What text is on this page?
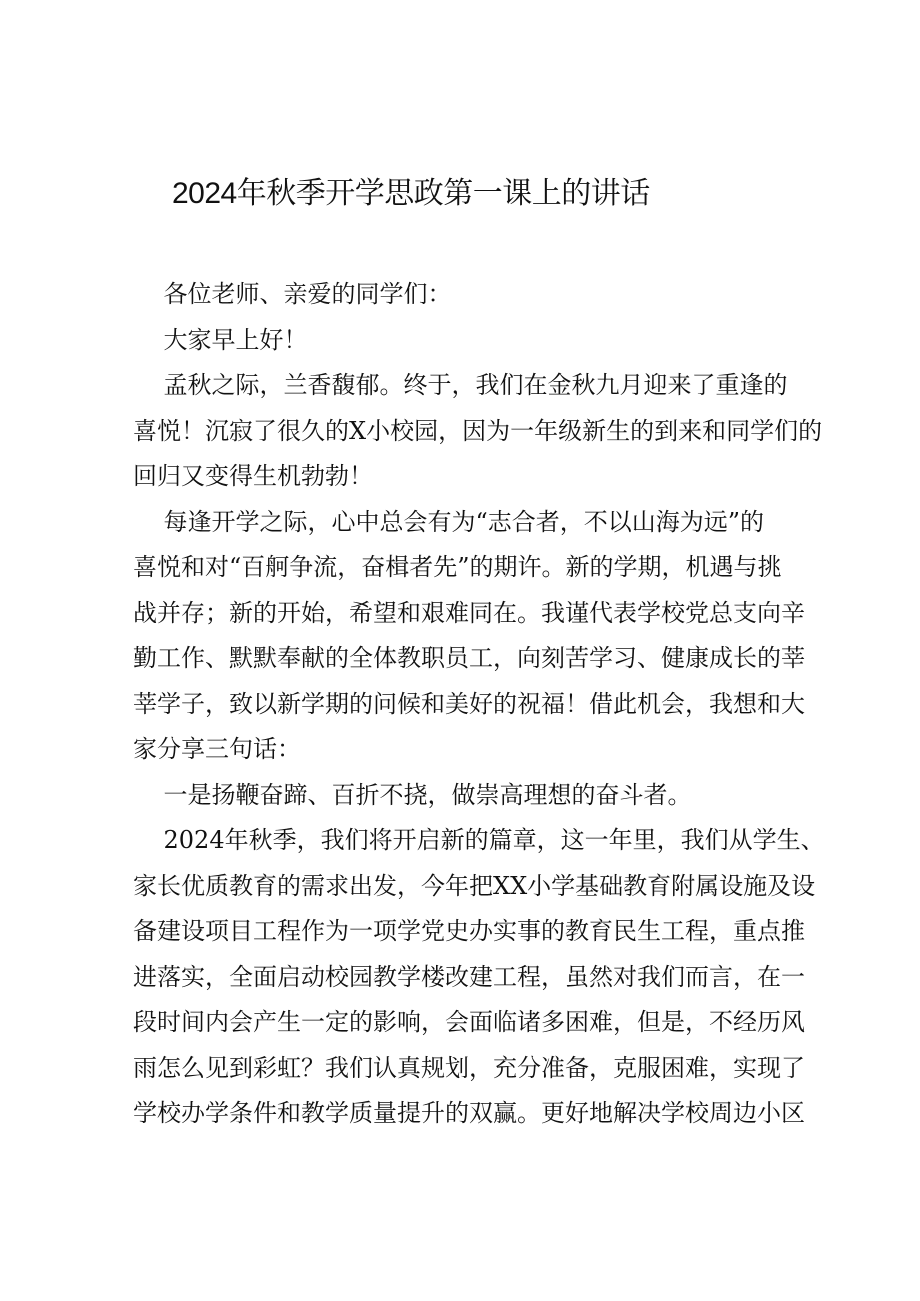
2024年秋季开学思政第一课上的讲话

各位老师、亲爱的同学们：

大家早上好！

孟秋之际，兰香馥郁。终于，我们在金秋九月迎来了重逢的

喜悦！沉寂了很久的X小校园，因为一年级新生的到来和同学们的

回归又变得生机勃勃！

每逢开学之际，心中总会有为“志合者，不以山海为远”的

喜悦和对“百舸争流，奋楫者先”的期许。新的学期，机遇与挑

战并存；新的开始，希望和艰难同在。我谨代表学校党总支向辛

勤工作、默默奉献的全体教职员工，向刻苦学习、健康成长的莘

莘学子，致以新学期的问候和美好的祝福！借此机会，我想和大

家分享三句话：

一是扬鞭奋蹄、百折不挠，做崇高理想的奋斗者。

2024年秋季，我们将开启新的篇章，这一年里，我们从学生、

家长优质教育的需求出发，今年把XX小学基础教育附属设施及设

备建设项目工程作为一项学党史办实事的教育民生工程，重点推

进落实，全面启动校园教学楼改建工程，虽然对我们而言，在一

段时间内会产生一定的影响，会面临诸多困难，但是，不经历风

雨怎么见到彩虹？我们认真规划，充分准备，克服困难，实现了

学校办学条件和教学质量提升的双赢。更好地解决学校周边小区
